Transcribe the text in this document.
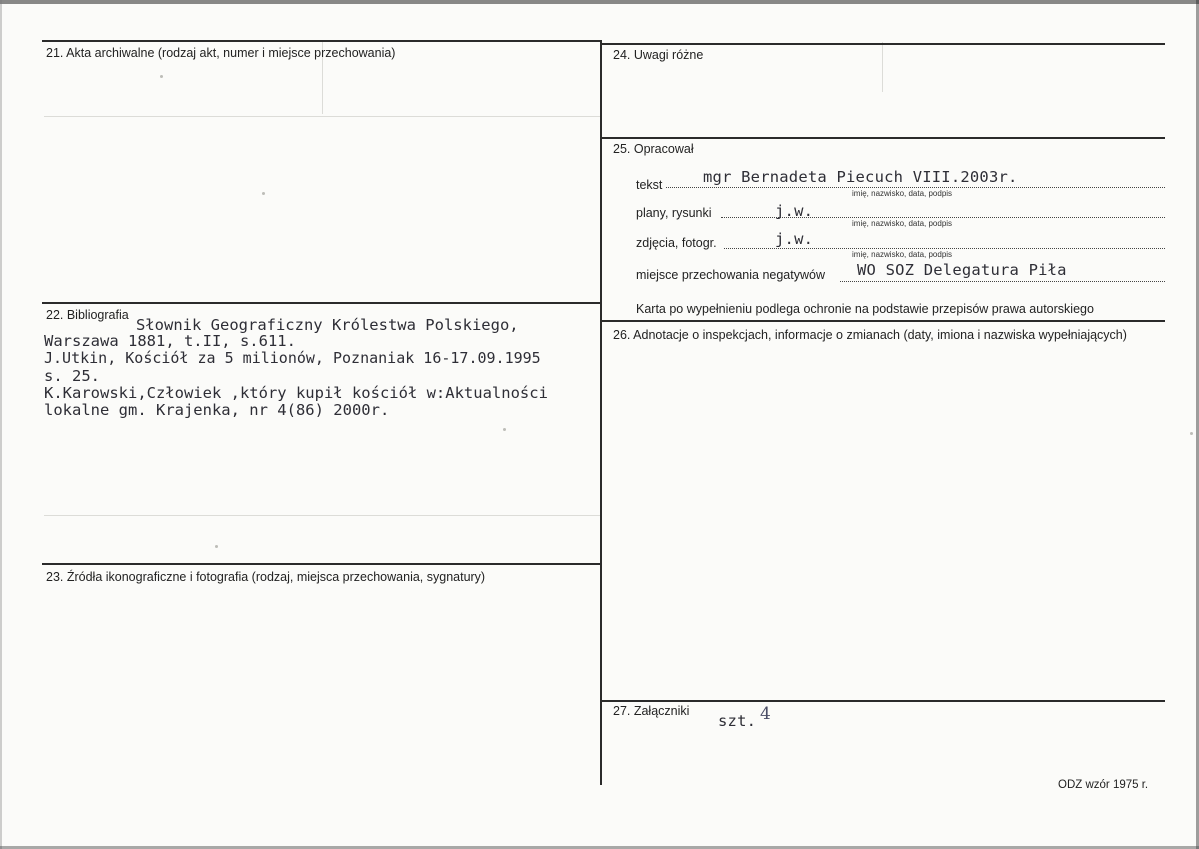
21. Akta archiwalne (rodzaj akt, numer i miejsce przechowania)
22. Bibliografia
23. Źródła ikonograficzne i fotografia (rodzaj, miejsca przechowania, sygnatury)
24. Uwagi różne
25. Opracował
26. Adnotacje o inspekcjach, informacje o zmianach (daty, imiona i nazwiska wypełniających)
27. Załączniki
Słownik Geograficzny Królestwa Polskiego,
Warszawa 1881, t.II, s.611.
J.Utkin, Kościół za 5 milionów, Poznaniak 16-17.09.1995
s. 25.
K.Karowski,Człowiek ,który kupił kościół w:Aktualności
lokalne gm. Krajenka, nr 4(86) 2000r.
tekst	mgr Bernadeta Piecuch VIII.2003r.
imię, nazwisko, data, podpis
plany, rysunki	j.w.
imię, nazwisko, data, podpis
zdjęcia, fotogr.	j.w.
imię, nazwisko, data, podpis
miejsce przechowania negatywów WO SOZ Delegatura Piła
Karta po wypełnieniu podlega ochronie na podstawie przepisów prawa autorskiego
szt. 4
ODZ wzór 1975 r.
